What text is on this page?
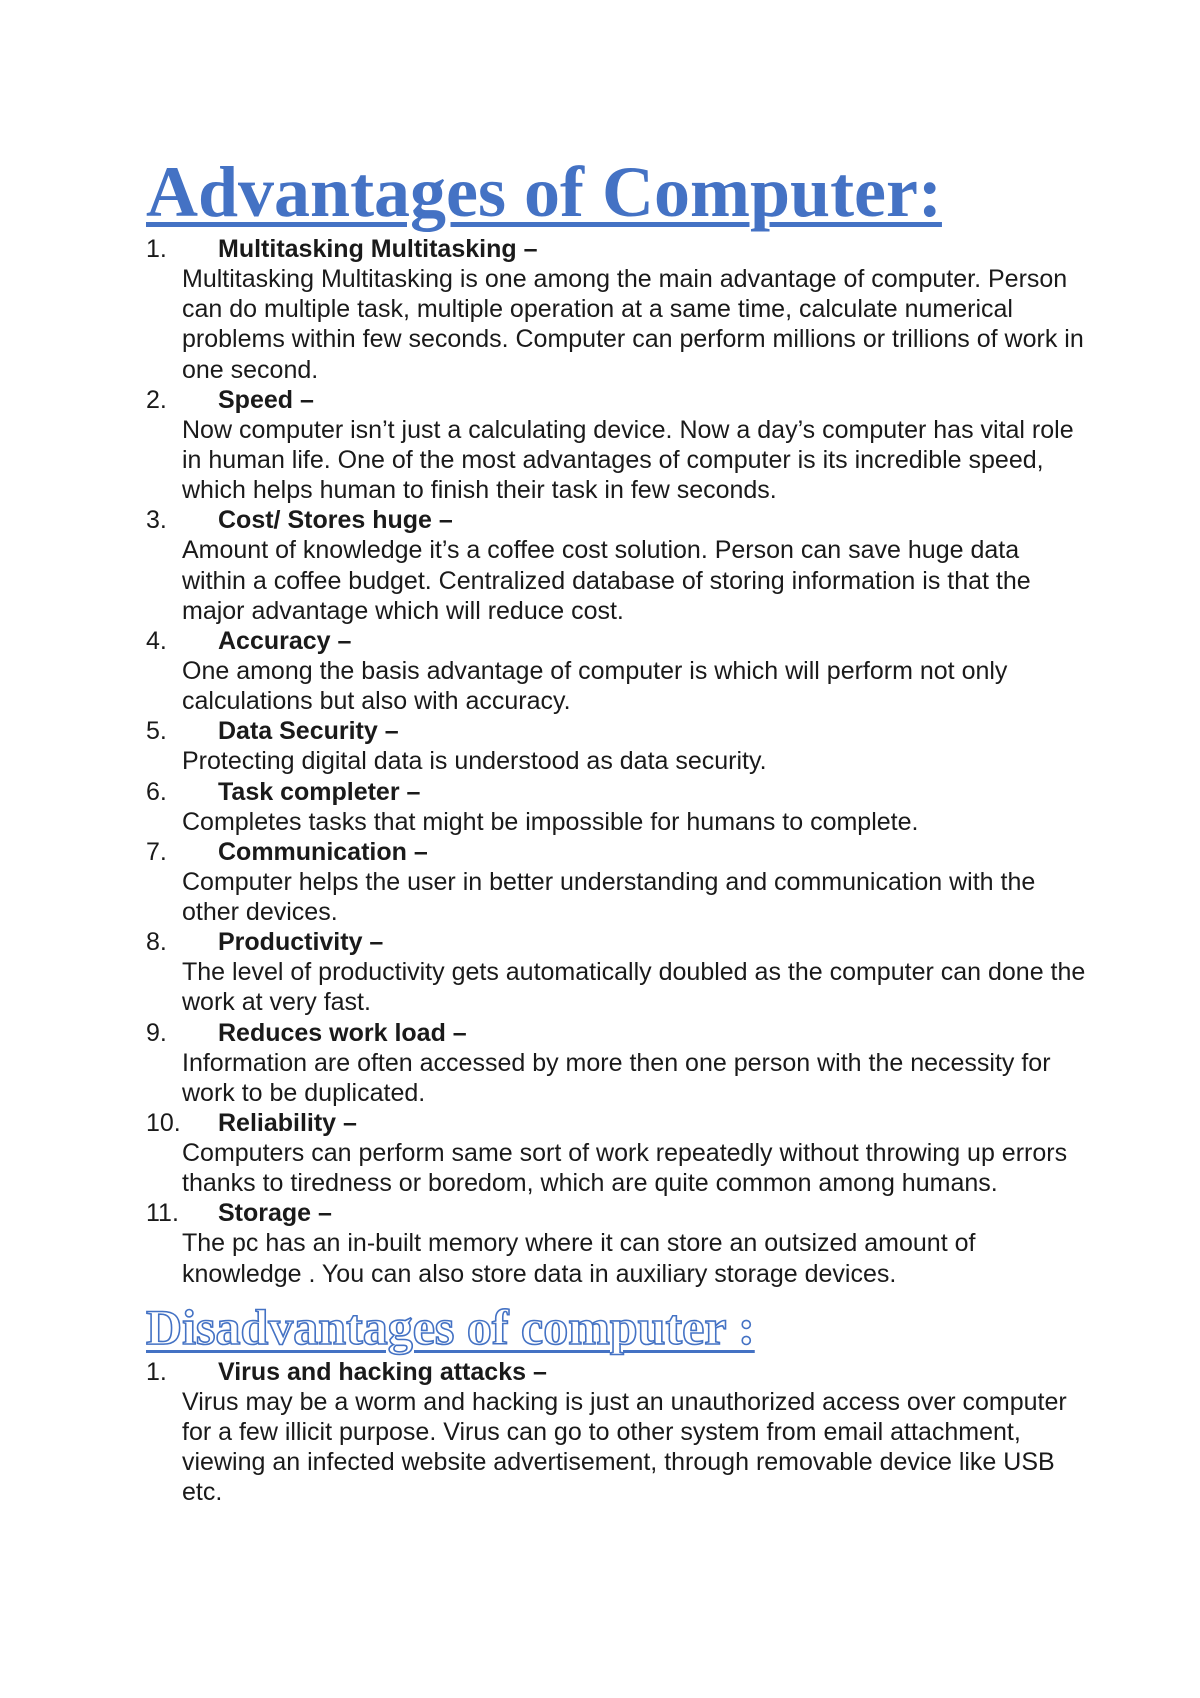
Advantages of Computer:
1. Multitasking Multitasking –

Multitasking Multitasking is one among the main advantage of computer. Person can do multiple task, multiple operation at a same time, calculate numerical problems within few seconds. Computer can perform millions or trillions of work in one second.

2. Speed –

Now computer isn’t just a calculating device. Now a day’s computer has vital role in human life. One of the most advantages of computer is its incredible speed, which helps human to finish their task in few seconds.

3. Cost/ Stores huge –

Amount of knowledge it’s a coffee cost solution. Person can save huge data within a coffee budget. Centralized database of storing information is that the major advantage which will reduce cost.

4. Accuracy –

One among the basis advantage of computer is which will perform not only calculations but also with accuracy.

5. Data Security –

Protecting digital data is understood as data security.

6. Task completer –

Completes tasks that might be impossible for humans to complete.

7. Communication –

Computer helps the user in better understanding and communication with the other devices.

8. Productivity –

The level of productivity gets automatically doubled as the computer can done the work at very fast.

9. Reduces work load –

Information are often accessed by more then one person with the necessity for work to be duplicated.

10. Reliability –

Computers can perform same sort of work repeatedly without throwing up errors thanks to tiredness or boredom, which are quite common among humans.

11. Storage –

The pc has an in-built memory where it can store an outsized amount of knowledge . You can also store data in auxiliary storage devices.

Disadvantages of computer :
1. Virus and hacking attacks –

Virus may be a worm and hacking is just an unauthorized access over computer for a few illicit purpose. Virus can go to other system from email attachment, viewing an infected website advertisement, through removable device like USB etc.
